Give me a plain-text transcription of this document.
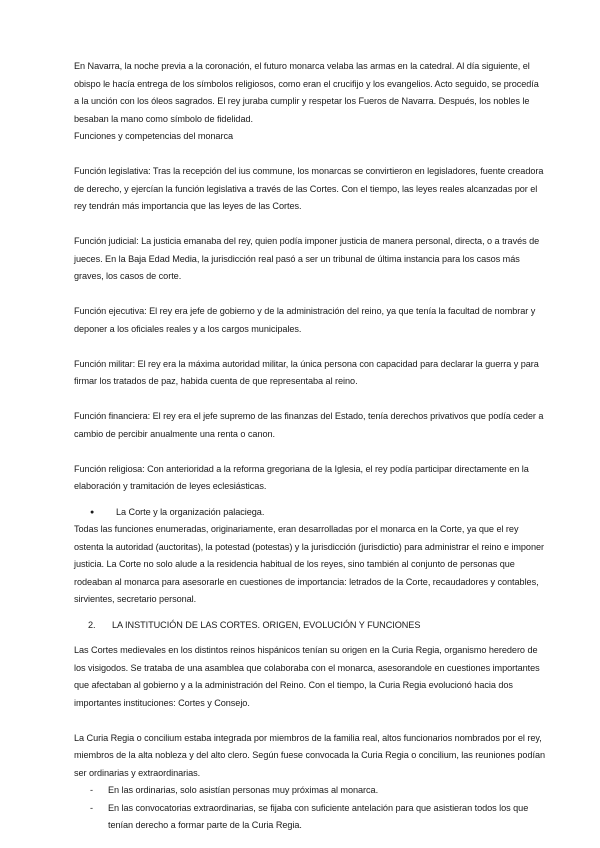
En Navarra, la noche previa a la coronación, el futuro monarca velaba las armas en la catedral. Al día siguiente, el obispo le hacía entrega de los símbolos religiosos, como eran el crucifijo y los evangelios. Acto seguido, se procedía a la unción con los óleos sagrados. El rey juraba cumplir y respetar los Fueros de Navarra. Después, los nobles le besaban la mano como símbolo de fidelidad.

Funciones y competencias del monarca

Función legislativa: Tras la recepción del ius commune, los monarcas se convirtieron en legisladores, fuente creadora de derecho, y ejercían la función legislativa a través de las Cortes. Con el tiempo, las leyes reales alcanzadas por el rey tendrán más importancia que las leyes de las Cortes.

Función judicial: La justicia emanaba del rey, quien podía imponer justicia de manera personal, directa, o a través de jueces. En la Baja Edad Media, la jurisdicción real pasó a ser un tribunal de última instancia para los casos más graves, los casos de corte.

Función ejecutiva: El rey era jefe de gobierno y de la administración del reino, ya que tenía la facultad de nombrar y deponer a los oficiales reales y a los cargos municipales.

Función militar: El rey era la máxima autoridad militar, la única persona con capacidad para declarar la guerra y para firmar los tratados de paz, habida cuenta de que representaba al reino.

Función financiera: El rey era el jefe supremo de las finanzas del Estado, tenía derechos privativos que podía ceder a cambio de percibir anualmente una renta o canon.

Función religiosa: Con anterioridad a la reforma gregoriana de la Iglesia, el rey podía participar directamente en la elaboración y tramitación de leyes eclesiásticas.

●	La Corte y la organización palaciega.

Todas las funciones enumeradas, originariamente, eran desarrolladas por el monarca en la Corte, ya que el rey ostenta la autoridad (auctoritas), la potestad (potestas) y la jurisdicción (jurisdictio) para administrar el reino e imponer justicia. La Corte no solo alude a la residencia habitual de los reyes, sino también al conjunto de personas que rodeaban al monarca para asesorarle en cuestiones de importancia: letrados de la Corte, recaudadores y contables, sirvientes, secretario personal.

2.	LA INSTITUCIÓN DE LAS CORTES. ORIGEN, EVOLUCIÓN Y FUNCIONES

Las Cortes medievales en los distintos reinos hispánicos tenían su origen en la Curia Regia, organismo heredero de los visigodos. Se trataba de una asamblea que colaboraba con el monarca, asesorandole en cuestiones importantes que afectaban al gobierno y a la administración del Reino. Con el tiempo, la Curia Regia evolucionó hacia dos importantes instituciones: Cortes y Consejo.

La Curia Regia o concilium estaba integrada por miembros de la familia real, altos funcionarios nombrados por el rey, miembros de la alta nobleza y del alto clero. Según fuese convocada la Curia Regia o concilium, las reuniones podían ser ordinarias y extraordinarias.

-	En las ordinarias, solo asistían personas muy próximas al monarca.
-	En las convocatorias extraordinarias, se fijaba con suficiente antelación para que asistieran todos los que tenían derecho a formar parte de la Curia Regia.
